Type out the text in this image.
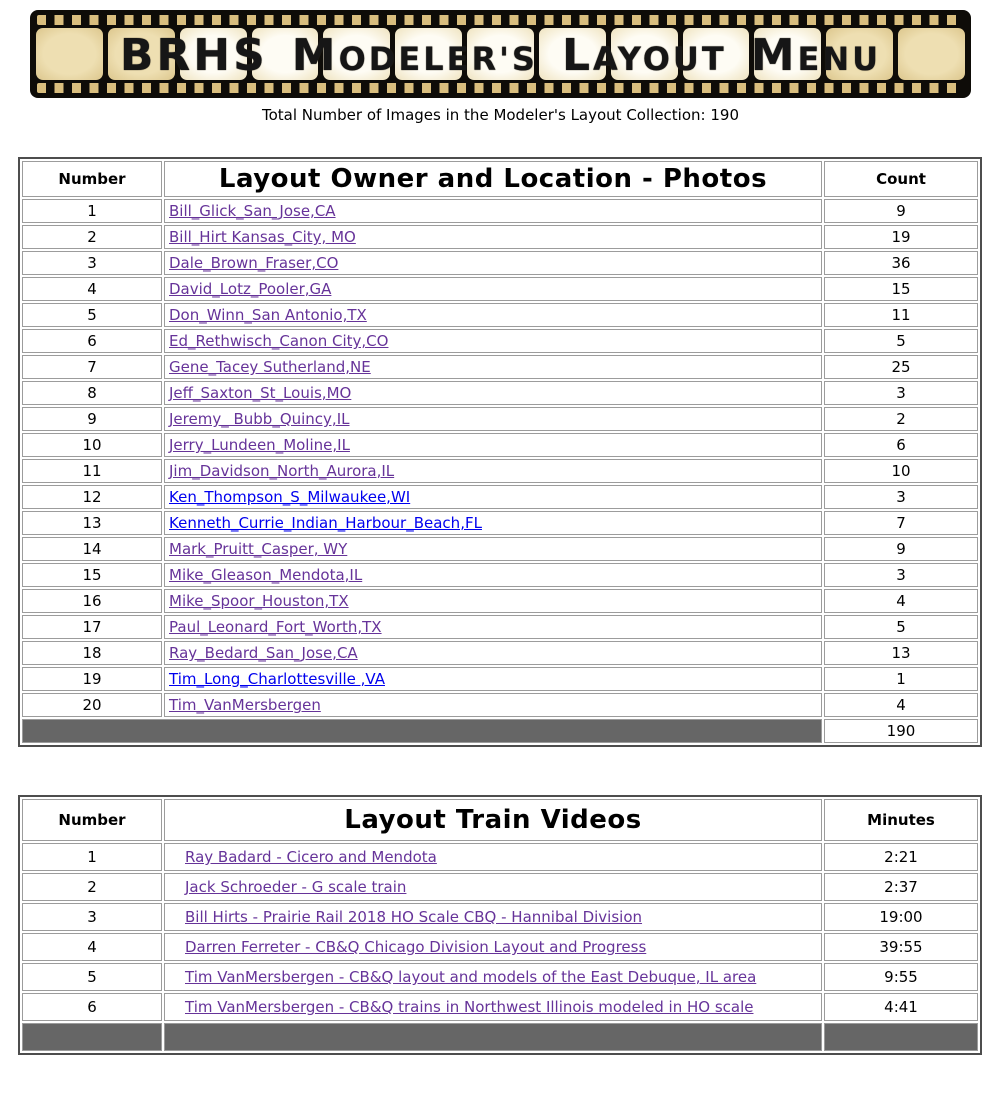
BRHS MODELER'S LAYOUT MENU
Total Number of Images in the Modeler's Layout Collection: 190
Number	Layout Owner and Location - Photos	Count
1	Bill_Glick_San_Jose,CA	9
2	Bill_Hirt Kansas_City, MO	19
3	Dale_Brown_Fraser,CO	36
4	David_Lotz_Pooler,GA	15
5	Don_Winn_San Antonio,TX	11
6	Ed_Rethwisch_Canon City,CO	5
7	Gene_Tacey Sutherland,NE	25
8	Jeff_Saxton_St_Louis,MO	3
9	Jeremy_ Bubb_Quincy,IL	2
10	Jerry_Lundeen_Moline,IL	6
11	Jim_Davidson_North_Aurora,IL	10
12	Ken_Thompson_S_Milwaukee,WI	3
13	Kenneth_Currie_Indian_Harbour_Beach,FL	7
14	Mark_Pruitt_Casper, WY	9
15	Mike_Gleason_Mendota,IL	3
16	Mike_Spoor_Houston,TX	4
17	Paul_Leonard_Fort_Worth,TX	5
18	Ray_Bedard_San_Jose,CA	13
19	Tim_Long_Charlottesville ,VA	1
20	Tim_VanMersbergen	4
		190
Number	Layout Train Videos	Minutes
1	Ray Badard - Cicero and Mendota	2:21
2	Jack Schroeder - G scale train	2:37
3	Bill Hirts - Prairie Rail 2018 HO Scale CBQ - Hannibal Division	19:00
4	Darren Ferreter - CB&Q Chicago Division Layout and Progress	39:55
5	Tim VanMersbergen - CB&Q layout and models of the East Debuque, IL area	9:55
6	Tim VanMersbergen - CB&Q trains in Northwest Illinois modeled in HO scale	4:41
